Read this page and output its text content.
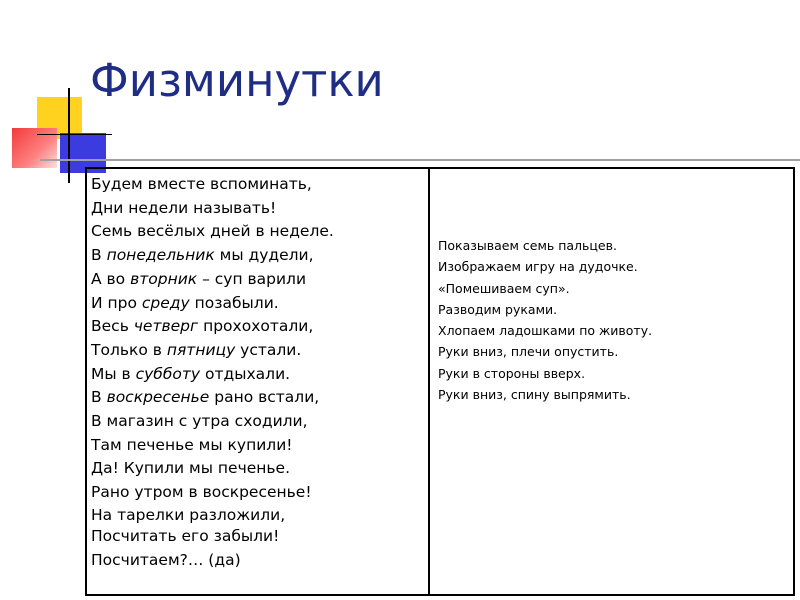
Физминутки
Будем вместе вспоминать,
Дни недели называть!
Семь весёлых дней в неделе.
В понедельник мы дудели,
А во вторник – суп варили
И про среду позабыли.
Весь четверг прохохотали,
Только в пятницу устали.
Мы в субботу отдыхали.
В воскресенье рано встали,
В магазин с утра сходили,
Там печенье мы купили!
Да! Купили мы печенье.
Рано утром в воскресенье!
На тарелки разложили,
Посчитать его забыли!
Посчитаем?… (да)
Показываем семь пальцев.
Изображаем игру на дудочке.
«Помешиваем суп».
Разводим руками.
Хлопаем ладошками по животу.
Руки вниз, плечи опустить.
Руки в стороны вверх.
Руки вниз, спину выпрямить.
